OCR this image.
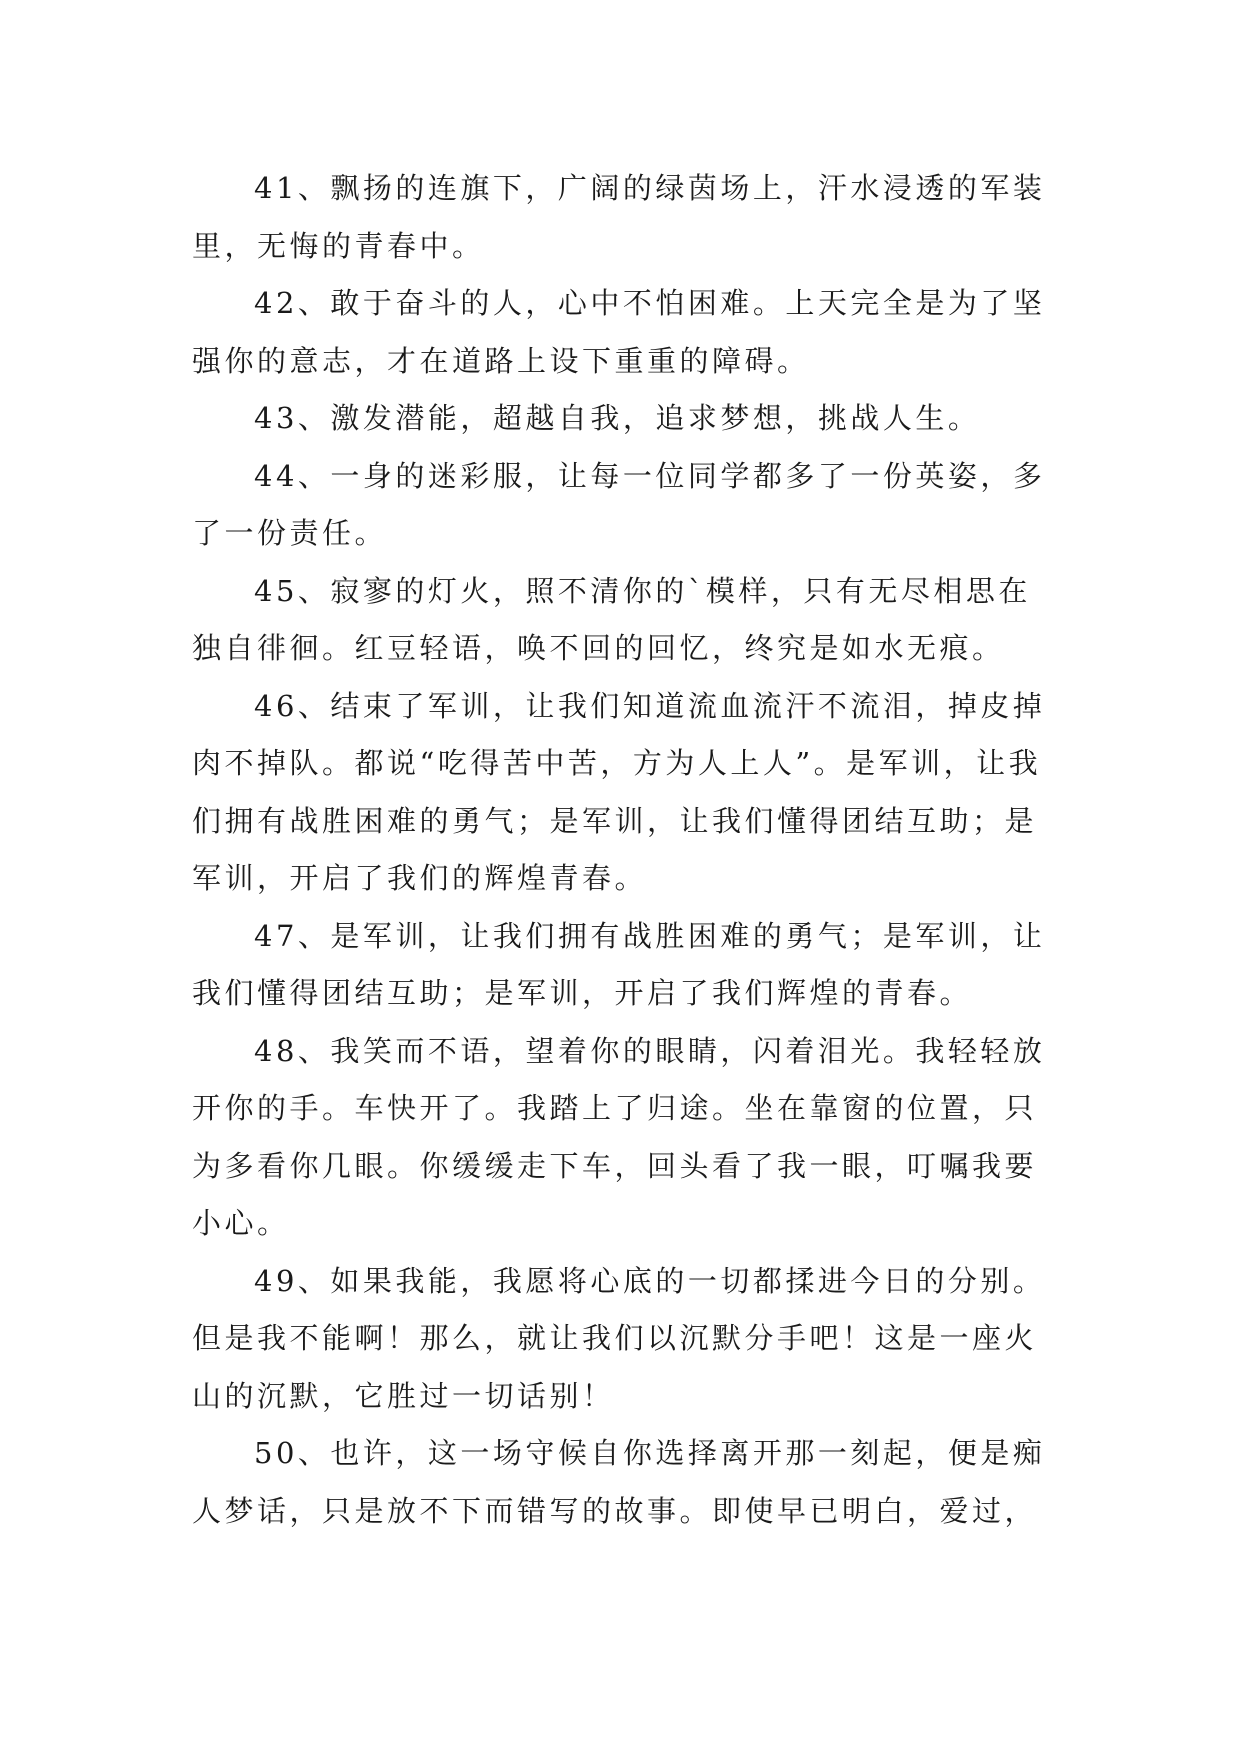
41、飘扬的连旗下，广阔的绿茵场上，汗水浸透的军装里，无悔的青春中。

42、敢于奋斗的人，心中不怕困难。上天完全是为了坚强你的意志，才在道路上设下重重的障碍。

43、激发潜能，超越自我，追求梦想，挑战人生。

44、一身的迷彩服，让每一位同学都多了一份英姿，多了一份责任。

45、寂寥的灯火，照不清你的`模样，只有无尽相思在独自徘徊。红豆轻语，唤不回的回忆，终究是如水无痕。

46、结束了军训，让我们知道流血流汗不流泪，掉皮掉肉不掉队。都说“吃得苦中苦，方为人上人”。是军训，让我们拥有战胜困难的勇气；是军训，让我们懂得团结互助；是军训，开启了我们的辉煌青春。

47、是军训，让我们拥有战胜困难的勇气；是军训，让我们懂得团结互助；是军训，开启了我们辉煌的青春。

48、我笑而不语，望着你的眼睛，闪着泪光。我轻轻放开你的手。车快开了。我踏上了归途。坐在靠窗的位置，只为多看你几眼。你缓缓走下车，回头看了我一眼，叮嘱我要小心。

49、如果我能，我愿将心底的一切都揉进今日的分别。但是我不能啊！那么，就让我们以沉默分手吧！这是一座火山的沉默，它胜过一切话别！

50、也许，这一场守候自你选择离开那一刻起，便是痴人梦话，只是放不下而错写的故事。即使早已明白，爱过，
